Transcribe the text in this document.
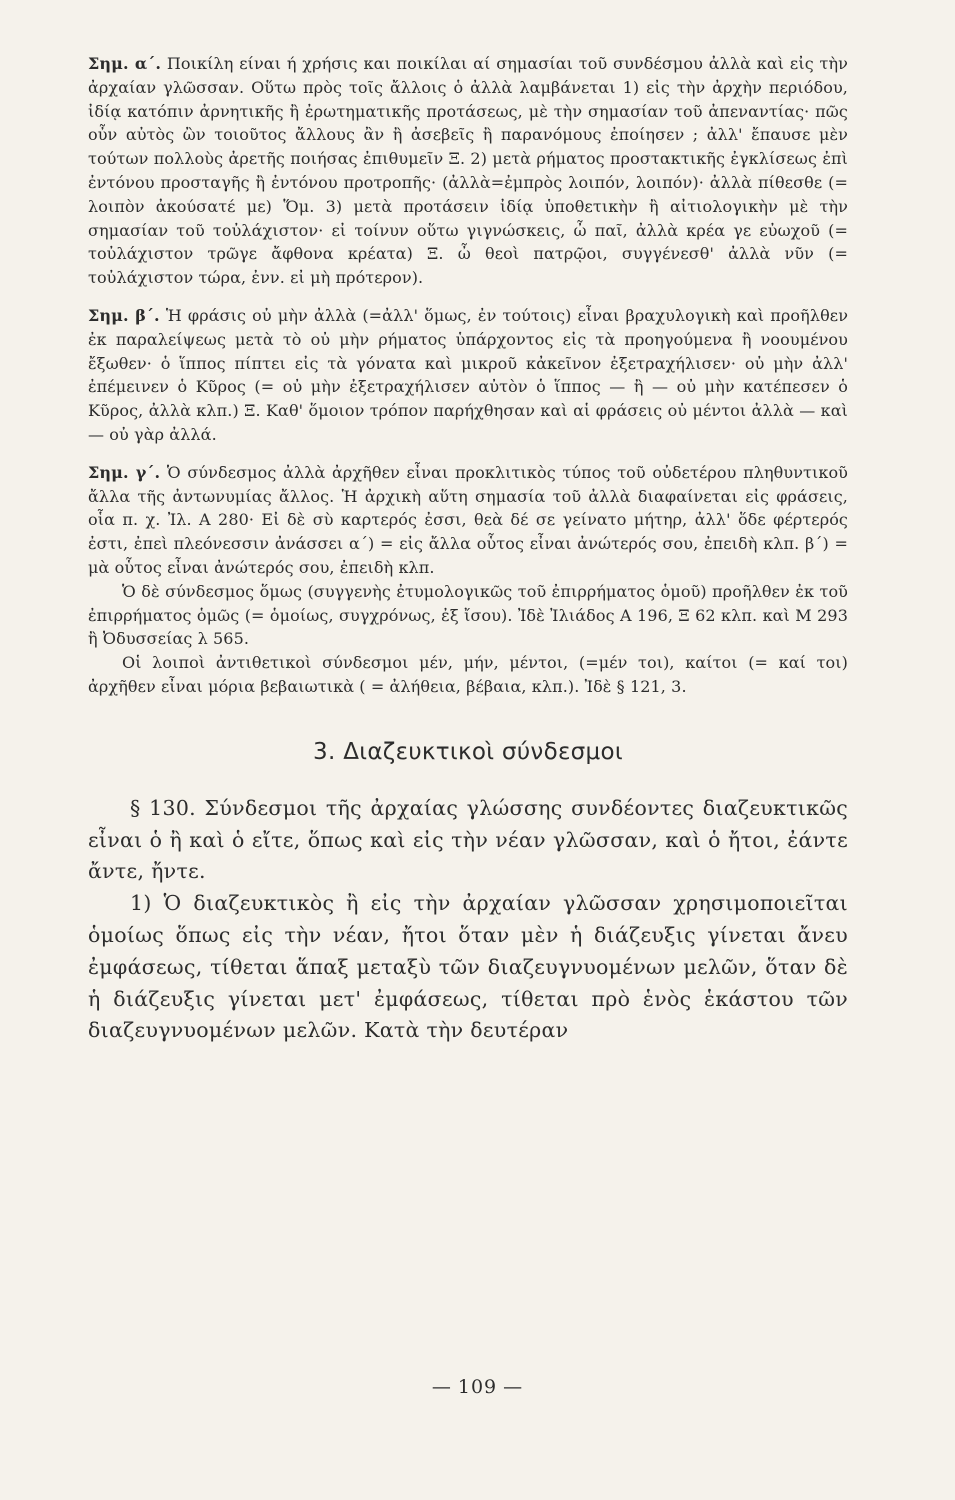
Σημ. α΄. Ποικίλη είναι ή χρήσις και ποικίλαι αί σημασίαι τοῦ συνδέσμου ἀλλὰ καὶ εἰς τὴν ἀρχαίαν γλῶσσαν. Οὕτω πρὸς τοῖς ἄλλοις ὁ ἀλλὰ λαμβάνεται 1) εἰς τὴν ἀρχὴν περιόδου, ἰδίᾳ κατόπιν ἀρνητικῆς ἢ ἐρωτηματικῆς προτάσεως, μὲ τὴν σημασίαν τοῦ ἀπεναντίας· πῶς οὖν αὐτὸς ὢν τοιοῦτος ἄλλους ἂν ἢ ἀσεβεῖς ἢ παρανόμους ἐποίησεν ; ἀλλ' ἔπαυσε μὲν τούτων πολλοὺς ἀρετῆς ποιήσας ἐπιθυμεῖν Ξ. 2) μετὰ ρήματος προστακτικῆς ἐγκλίσεως ἐπὶ ἐντόνου προσταγῆς ἢ ἐντόνου προτροπῆς· (ἀλλὰ=ἐμπρὸς λοιπόν, λοιπόν)· ἀλλὰ πίθεσθε (= λοιπὸν ἀκούσατέ με) Ὅμ. 3) μετὰ προτάσειν ἰδίᾳ ὑποθετικὴν ἢ αἰτιολογικὴν μὲ τὴν σημασίαν τοῦ τοὐλάχιστον· εἰ τοίνυν οὕτω γιγνώσκεις, ὦ παῖ, ἀλλὰ κρέα γε εὐωχοῦ (= τοὐλάχιστον τρῶγε ἄφθονα κρέατα) Ξ. ὦ θεοὶ πατρῷοι, συγγένεσθ' ἀλλὰ νῦν (= τοὐλάχιστον τώρα, ἐνν. εἰ μὴ πρότερον).

Σημ. β΄. Ἡ φράσις οὐ μὴν ἀλλὰ (=ἀλλ' ὅμως, ἐν τούτοις) εἶναι βραχυλογικὴ καὶ προῆλθεν ἐκ παραλείψεως μετὰ τὸ οὐ μὴν ρήματος ὑπάρχοντος εἰς τὰ προηγούμενα ἢ νοουμένου ἔξωθεν· ὁ ἵππος πίπτει εἰς τὰ γόνατα καὶ μικροῦ κἀκεῖνον ἐξετραχήλισεν· οὐ μὴν ἀλλ' ἐπέμεινεν ὁ Κῦρος (= οὐ μὴν ἐξετραχήλισεν αὐτὸν ὁ ἵππος — ἢ — οὐ μὴν κατέπεσεν ὁ Κῦρος, ἀλλὰ κλπ.) Ξ. Καθ' ὅμοιον τρόπον παρήχθησαν καὶ αἱ φράσεις οὐ μέντοι ἀλλὰ — καὶ — οὐ γὰρ ἀλλά.

Σημ. γ΄. Ὁ σύνδεσμος ἀλλὰ ἀρχῆθεν εἶναι προκλιτικὸς τύπος τοῦ οὐδετέρου πληθυντικοῦ ἄλλα τῆς ἀντωνυμίας ἄλλος. Ἡ ἀρχικὴ αὕτη σημασία τοῦ ἀλλὰ διαφαίνεται εἰς φράσεις, οἷα π. χ. Ἰλ. Α 280· Εἰ δὲ σὺ καρτερός ἐσσι, θεὰ δέ σε γείνατο μήτηρ, ἀλλ' ὅδε φέρτερός ἐστι, ἐπεὶ πλεόνεσσιν ἀνάσσει α΄) = εἰς ἄλλα οὗτος εἶναι ἀνώτερός σου, ἐπειδὴ κλπ. β΄) = μὰ οὗτος εἶναι ἀνώτερός σου, ἐπειδὴ κλπ.

Ὁ δὲ σύνδεσμος ὅμως (συγγενὴς ἐτυμολογικῶς τοῦ ἐπιρρήματος ὁμοῦ) προῆλθεν ἐκ τοῦ ἐπιρρήματος ὁμῶς (= ὁμοίως, συγχρόνως, ἐξ ἴσου). Ἰδὲ Ἰλιάδος Α 196, Ξ 62 κλπ. καὶ Μ 293 ἢ Ὀδυσσείας λ 565.

Οἱ λοιποὶ ἀντιθετικοὶ σύνδεσμοι μέν, μήν, μέντοι, (=μέν τοι), καίτοι (= καί τοι) ἀρχῆθεν εἶναι μόρια βεβαιωτικὰ ( = ἀλήθεια, βέβαια, κλπ.). Ἰδὲ § 121, 3.

3. Διαζευκτικοὶ σύνδεσμοι

§ 130. Σύνδεσμοι τῆς ἀρχαίας γλώσσης συνδέοντες διαζευκτικῶς εἶναι ὁ ἢ καὶ ὁ εἴτε, ὅπως καὶ εἰς τὴν νέαν γλῶσσαν, καὶ ὁ ἤτοι, ἐάντε ἄντε, ἤντε.

1) Ὁ διαζευκτικὸς ἢ εἰς τὴν ἀρχαίαν γλῶσσαν χρησιμοποιεῖται ὁμοίως ὅπως εἰς τὴν νέαν, ἤτοι ὅταν μὲν ἡ διάζευξις γίνεται ἄνευ ἐμφάσεως, τίθεται ἅπαξ μεταξὺ τῶν διαζευγνυομένων μελῶν, ὅταν δὲ ἡ διάζευξις γίνεται μετ' ἐμφάσεως, τίθεται πρὸ ἑνὸς ἑκάστου τῶν διαζευγνυομένων μελῶν. Κατὰ τὴν δευτέραν

— 109 —
